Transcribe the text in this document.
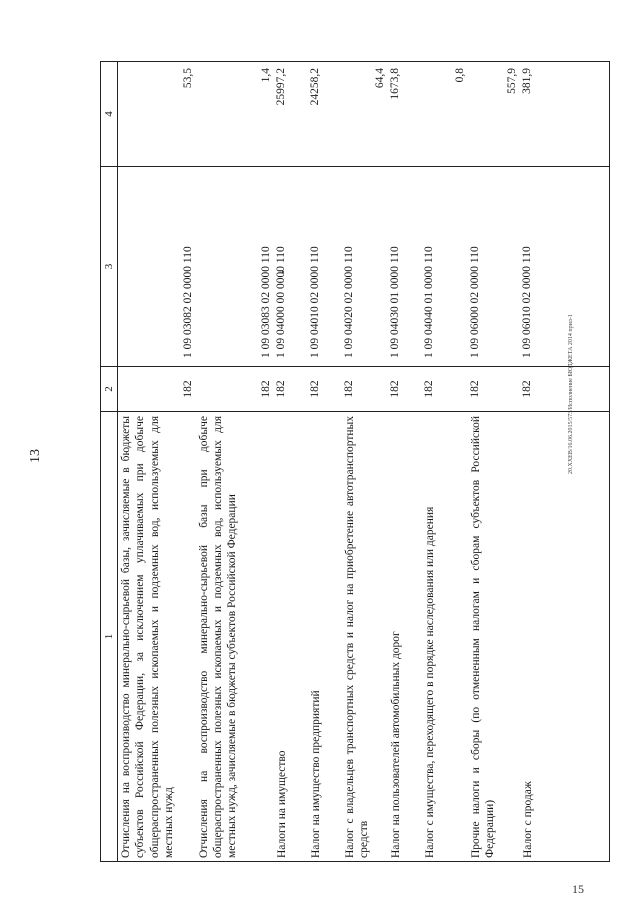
13	20.XXЕВ/16.06.2015/573/Исполнение БЮДЖЕТА 2014 прил-1
15
1	2	3	4

Отчисления на воспроизводство минерально-сырьевой базы, зачисляемые в бюджеты субъектов Российской Федерации, за исключением уплачиваемых при добыче общераспространенных полезных ископаемых и подземных вод, используемых для местных нужд	182	1 09 03082 02 0000 110	53,5

Отчисления на воспроизводство минерально-сырьевой базы при добыче общераспространенных полезных ископаемых и подземных вод, используемых для местных нужд, зачисляемые в бюджеты субъектов Российской Федерации	182	1 09 03083 02 0000 110	1,4

Налоги на имущество	182	1 09 04000 00 0000 110	25997,2

Налог на имущество предприятий	182	1 09 04010 02 0000 110	24258,2

Налог с владельцев транспортных средств и налог на приобретение автотранспортных средств	182	1 09 04020 02 0000 110	64,4

Налог на пользователей автомобильных дорог	182	1 09 04030 01 0000 110	1673,8

Налог с имущества, переходящего в порядке наследования или дарения	182	1 09 04040 01 0000 110	0,8

Прочие налоги и сборы (по отмененным налогам и сборам субъектов Российской Федерации)	182	1 09 06000 02 0000 110	557,9

Налог с продаж	182	1 09 06010 02 0000 110	381,9
